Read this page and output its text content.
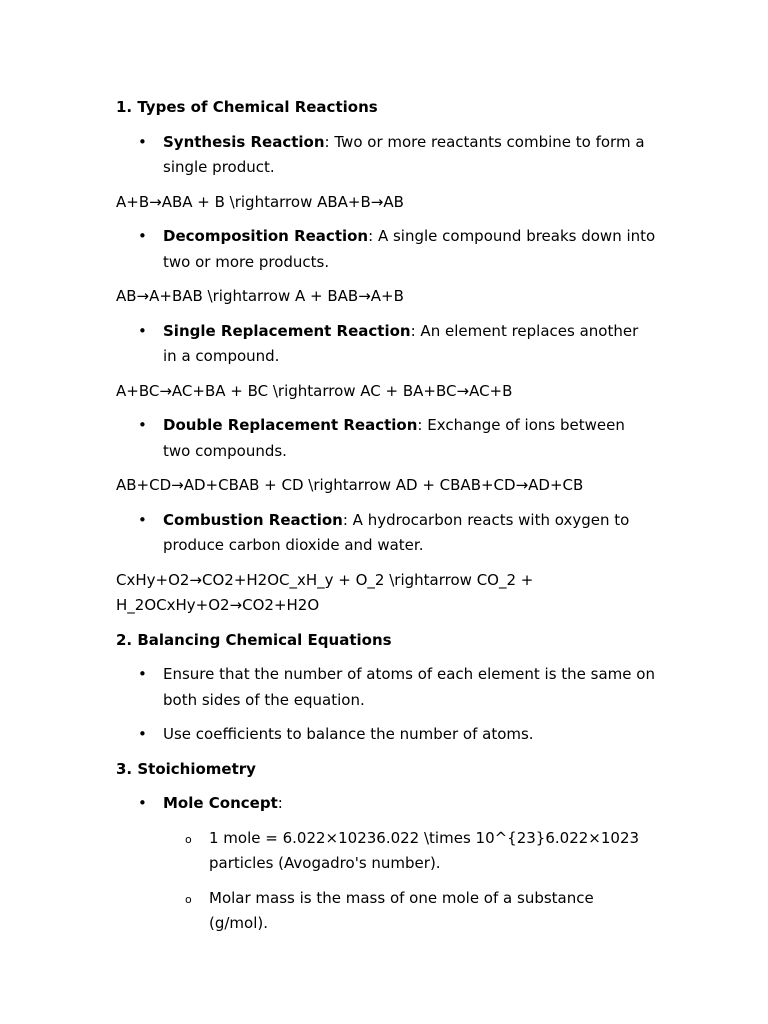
1. Types of Chemical Reactions
• Synthesis Reaction: Two or more reactants combine to form a single product.
A+B→ABA + B \rightarrow ABA+B→AB
• Decomposition Reaction: A single compound breaks down into two or more products.
AB→A+BAB \rightarrow A + BAB→A+B
• Single Replacement Reaction: An element replaces another in a compound.
A+BC→AC+BA + BC \rightarrow AC + BA+BC→AC+B
• Double Replacement Reaction: Exchange of ions between two compounds.
AB+CD→AD+CBAB + CD \rightarrow AD + CBAB+CD→AD+CB
• Combustion Reaction: A hydrocarbon reacts with oxygen to produce carbon dioxide and water.
CxHy+O2→CO2+H2OC_xH_y + O_2 \rightarrow CO_2 + H_2OCxHy+O2→CO2+H2O
2. Balancing Chemical Equations
• Ensure that the number of atoms of each element is the same on both sides of the equation.
• Use coefficients to balance the number of atoms.
3. Stoichiometry
• Mole Concept:
o 1 mole = 6.022×10236.022 \times 10^{23}6.022×1023 particles (Avogadro's number).
o Molar mass is the mass of one mole of a substance (g/mol).
